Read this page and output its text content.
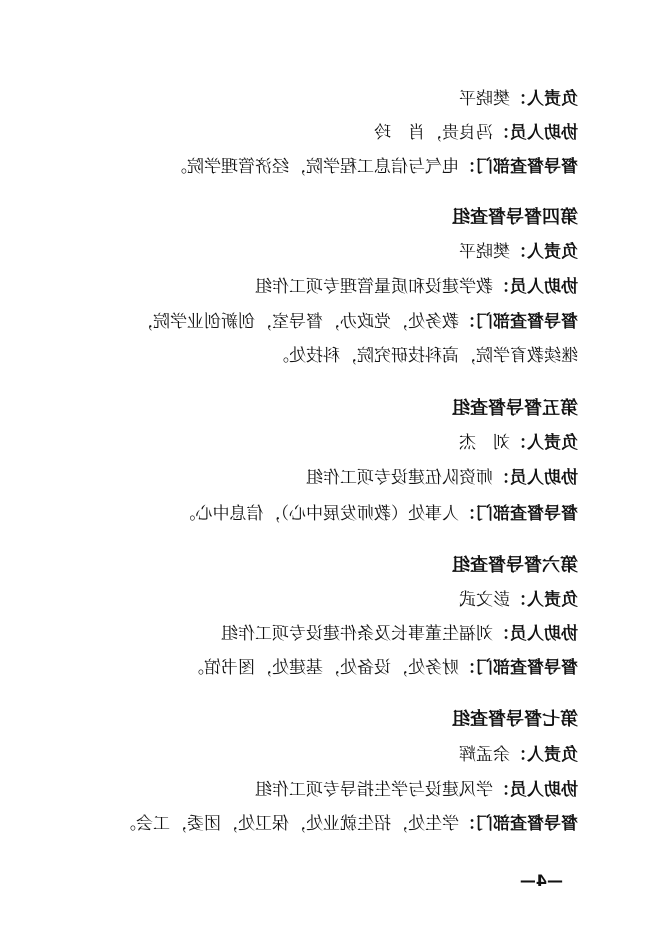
负责人：樊晓平
协助人员：冯良贵，肖　玲
督导督查部门：电气与信息工程学院，经济管理学院。
第四督导督查组
负责人：樊晓平
协助人员：教学建设和质量管理专项工作组
督导督查部门：教务处，党政办，督导室，创新创业学院，
继续教育学院，高科技研究院，科技处。
第五督导督查组
负责人：刘　杰
协助人员：师资队伍建设专项工作组
督导督查部门：人事处（教师发展中心），信息中心。
第六督导督查组
负责人：彭文武
协助人员：刘福生董事长及条件建设专项工作组
督导督查部门：财务处，设备处，基建处，图书馆。
第七督导督查组
负责人：余孟辉
协助人员：学风建设与学生指导专项工作组
督导督查部门：学生处，招生就业处，保卫处，团委，工会。
—4—
